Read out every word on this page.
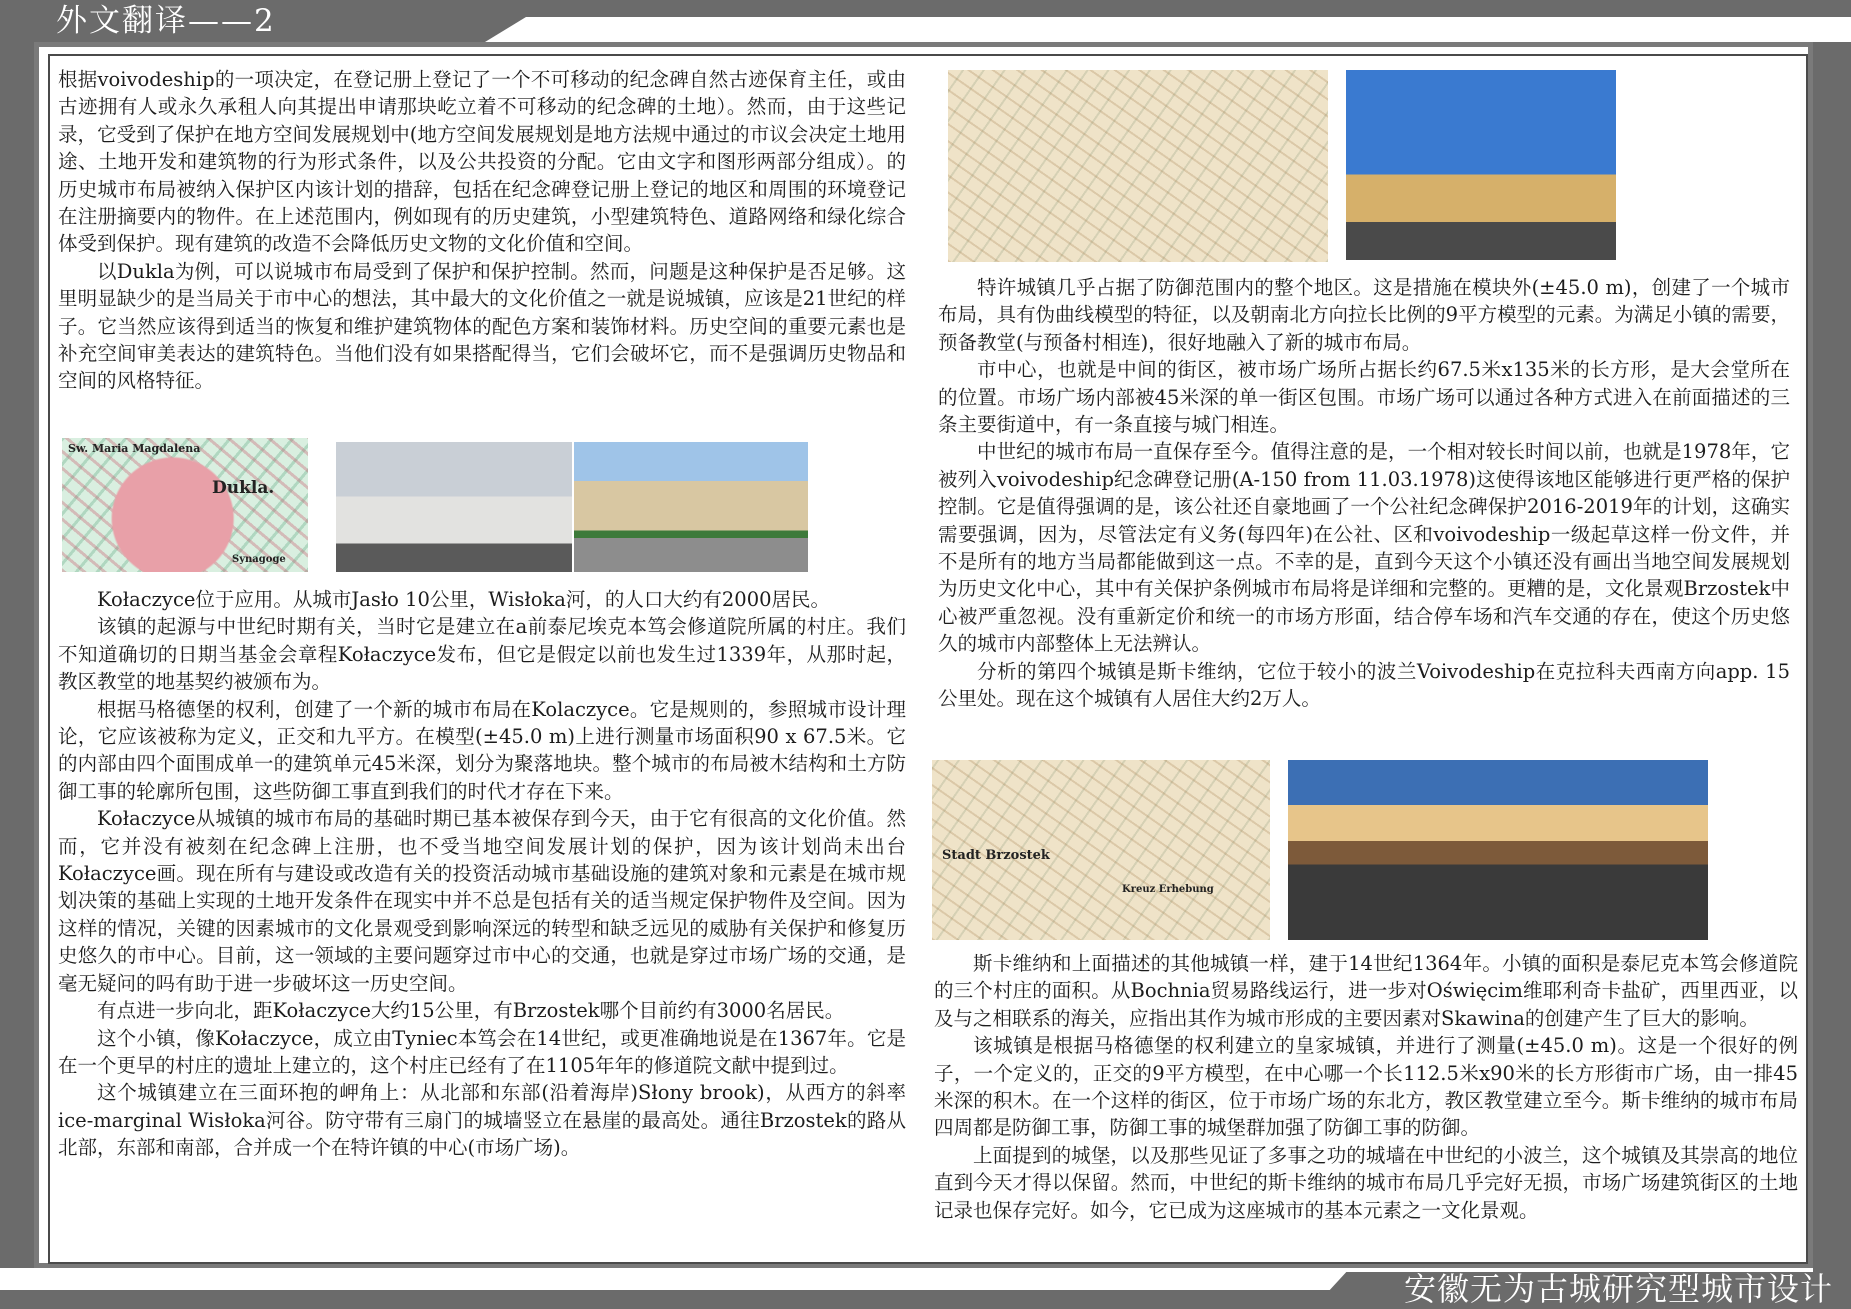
外文翻译——2
安徽无为古城研究型城市设计

根据voivodeship的一项决定，在登记册上登记了一个不可移动的纪念碑自然古迹保育主任，或由古迹拥有人或永久承租人向其提出申请那块屹立着不可移动的纪念碑的土地）。然而，由于这些记录，它受到了保护在地方空间发展规划中(地方空间发展规划是地方法规中通过的市议会决定土地用途、土地开发和建筑物的行为形式条件，以及公共投资的分配。它由文字和图形两部分组成）。的历史城市布局被纳入保护区内该计划的措辞，包括在纪念碑登记册上登记的地区和周围的环境登记在注册摘要内的物件。在上述范围内，例如现有的历史建筑，小型建筑特色、道路网络和绿化综合体受到保护。现有建筑的改造不会降低历史文物的文化价值和空间。

以Dukla为例，可以说城市布局受到了保护和保护控制。然而，问题是这种保护是否足够。这里明显缺少的是当局关于市中心的想法，其中最大的文化价值之一就是说城镇，应该是21世纪的样子。它当然应该得到适当的恢复和维护建筑物体的配色方案和装饰材料。历史空间的重要元素也是补充空间审美表达的建筑特色。当他们没有如果搭配得当，它们会破坏它，而不是强调历史物品和空间的风格特征。

Sw. Maria Magdalena
Dukla.
Synagoge

Kołaczyce位于应用。从城市Jasło 10公里，Wisłoka河，的人口大约有2000居民。

该镇的起源与中世纪时期有关，当时它是建立在a前泰尼埃克本笃会修道院所属的村庄。我们不知道确切的日期当基金会章程Kołaczyce发布，但它是假定以前也发生过1339年，从那时起，教区教堂的地基契约被颁布为。

根据马格德堡的权利，创建了一个新的城市布局在Kolaczyce。它是规则的，参照城市设计理论，它应该被称为定义，正交和九平方。在模型(±45.0 m)上进行测量市场面积90 x 67.5米。它的内部由四个面围成单一的建筑单元45米深，划分为聚落地块。整个城市的布局被木结构和土方防御工事的轮廓所包围，这些防御工事直到我们的时代才存在下来。

Kołaczyce从城镇的城市布局的基础时期已基本被保存到今天，由于它有很高的文化价值。然而，它并没有被刻在纪念碑上注册，也不受当地空间发展计划的保护，因为该计划尚未出台Kołaczyce画。现在所有与建设或改造有关的投资活动城市基础设施的建筑对象和元素是在城市规划决策的基础上实现的土地开发条件在现实中并不总是包括有关的适当规定保护物件及空间。因为这样的情况，关键的因素城市的文化景观受到影响深远的转型和缺乏远见的威胁有关保护和修复历史悠久的市中心。目前，这一领域的主要问题穿过市中心的交通，也就是穿过市场广场的交通，是毫无疑问的吗有助于进一步破坏这一历史空间。

有点进一步向北，距Kołaczyce大约15公里，有Brzostek哪个目前约有3000名居民。

这个小镇，像Kołaczyce，成立由Tyniec本笃会在14世纪，或更准确地说是在1367年。它是在一个更早的村庄的遗址上建立的，这个村庄已经有了在1105年年的修道院文献中提到过。

这个城镇建立在三面环抱的岬角上：从北部和东部(沿着海岸)Słony brook)，从西方的斜率ice-marginal Wisłoka河谷。防守带有三扇门的城墙竖立在悬崖的最高处。通往Brzostek的路从北部，东部和南部，合并成一个在特许镇的中心(市场广场)。

特许城镇几乎占据了防御范围内的整个地区。这是措施在模块外(±45.0 m)，创建了一个城市布局，具有伪曲线模型的特征，以及朝南北方向拉长比例的9平方模型的元素。为满足小镇的需要，预备教堂(与预备村相连)，很好地融入了新的城市布局。

市中心，也就是中间的街区，被市场广场所占据长约67.5米x135米的长方形，是大会堂所在的位置。市场广场内部被45米深的单一街区包围。市场广场可以通过各种方式进入在前面描述的三条主要街道中，有一条直接与城门相连。

中世纪的城市布局一直保存至今。值得注意的是，一个相对较长时间以前，也就是1978年，它被列入voivodeship纪念碑登记册(A-150 from 11.03.1978)这使得该地区能够进行更严格的保护控制。它是值得强调的是，该公社还自豪地画了一个公社纪念碑保护2016-2019年的计划，这确实需要强调，因为，尽管法定有义务(每四年)在公社、区和voivodeship一级起草这样一份文件，并不是所有的地方当局都能做到这一点。不幸的是，直到今天这个小镇还没有画出当地空间发展规划为历史文化中心，其中有关保护条例城市布局将是详细和完整的。更糟的是，文化景观Brzostek中心被严重忽视。没有重新定价和统一的市场方形面，结合停车场和汽车交通的存在，使这个历史悠久的城市内部整体上无法辨认。

分析的第四个城镇是斯卡维纳，它位于较小的波兰Voivodeship在克拉科夫西南方向app. 15公里处。现在这个城镇有人居住大约2万人。

Stadt Brzostek
Kreuz Erhebung

斯卡维纳和上面描述的其他城镇一样，建于14世纪1364年。小镇的面积是泰尼克本笃会修道院的三个村庄的面积。从Bochnia贸易路线运行，进一步对Oświęcim维耶利奇卡盐矿，西里西亚，以及与之相联系的海关，应指出其作为城市形成的主要因素对Skawina的创建产生了巨大的影响。

该城镇是根据马格德堡的权利建立的皇家城镇，并进行了测量(±45.0 m)。这是一个很好的例子，一个定义的，正交的9平方模型，在中心哪一个长112.5米x90米的长方形街市广场，由一排45米深的积木。在一个这样的街区，位于市场广场的东北方，教区教堂建立至今。斯卡维纳的城市布局四周都是防御工事，防御工事的城堡群加强了防御工事的防御。

上面提到的城堡，以及那些见证了多事之功的城墙在中世纪的小波兰，这个城镇及其崇高的地位直到今天才得以保留。然而，中世纪的斯卡维纳的城市布局几乎完好无损，市场广场建筑街区的土地记录也保存完好。如今，它已成为这座城市的基本元素之一文化景观。
